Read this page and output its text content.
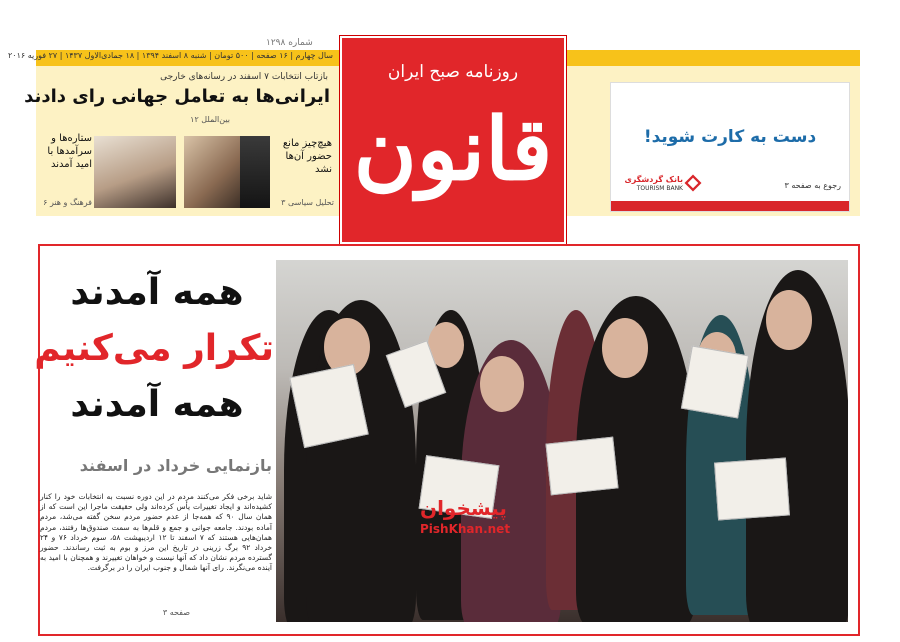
سال چهارم | ۱۶ صفحه | ۵۰۰ تومان | شنبه ۸ اسفند ۱۳۹۴ | ۱۸ جمادی‌الاول ۱۴۳۷ | ۲۷ فوریه ۲۰۱۶
شماره ۱۲۹۸
روزنامه صبح ایران
قانون
بازتاب انتخابات ۷ اسفند در رسانه‌های خارجی
ایرانی‌ها به تعامل جهانی رای دادند
بین‌الملل ۱۲
هیچ‌چیز مانع حضور آن‌ها نشد
تحلیل سیاسی ۳
ستاره‌ها و سرآمدها با امید آمدند
فرهنگ و هنر ۶
دست به کارت شوید!
رجوع به صفحه ۳
بانک گردشگری
TOURISM BANK
پیشخوان
PishKhan.net
همه آمدند
تکرار می‌کنیم
همه آمدند
بازنمایی خرداد در اسفند
شاید برخی فکر می‌کنند مردم در این دوره نسبت به انتخابات خود را کنار کشیده‌اند و ایجاد تغییرات یأس کرده‌اند ولی حقیقت ماجرا این است که از همان سال ۹۰ که همه‌جا از عدم حضور مردم سخن گفته می‌شد، مردم آماده بودند. جامعه جوانی و جمع و قلم‌ها به سمت صندوق‌ها رفتند، مردم همان‌هایی هستند که ۷ اسفند تا ۱۲ اردیبهشت ۵۸، سوم خرداد ۷۶ و ۲۴ خرداد ۹۲ برگ زرینی در تاریخ این مرز و بوم به ثبت رساندند. حضور گسترده مردم نشان داد که آنها نیست و خواهان تغییرند و همچنان با امید به آینده می‌نگرند. رای آنها شمال و جنوب ایران را در برگرفت.
صفحه ۳
